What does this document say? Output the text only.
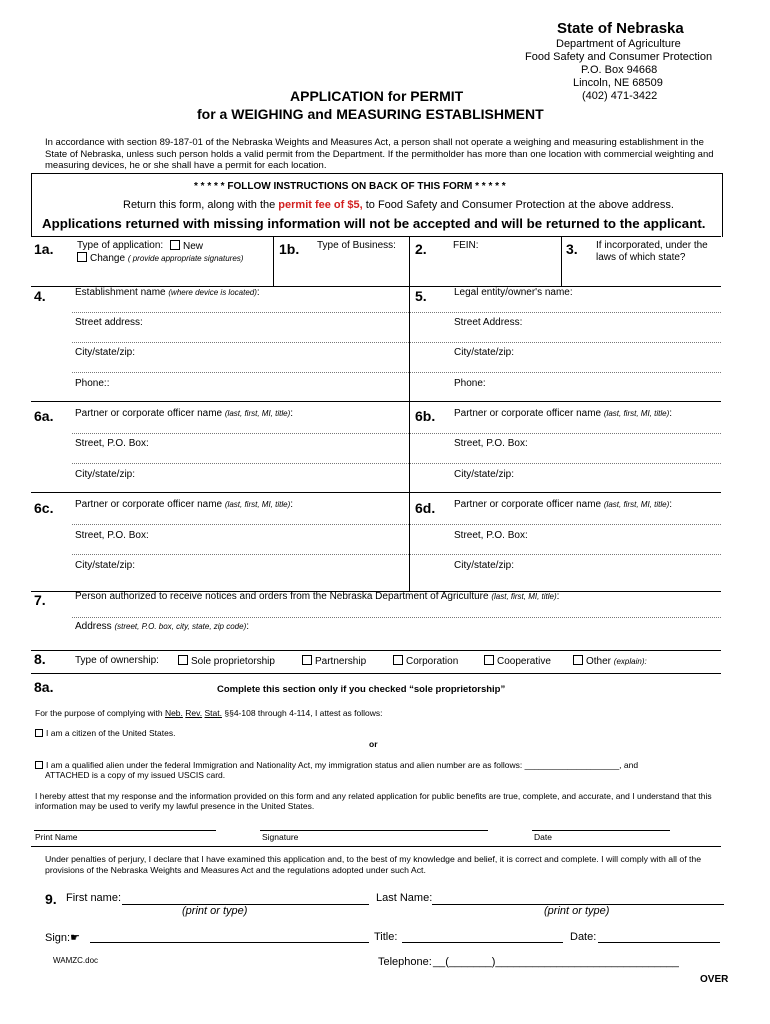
State of Nebraska
Department of Agriculture
Food Safety and Consumer Protection
P.O. Box 94668
Lincoln, NE 68509
(402) 471-3422
APPLICATION for PERMIT
for a WEIGHING and MEASURING ESTABLISHMENT
In accordance with section 89-187-01 of the Nebraska Weights and Measures Act, a person shall not operate a weighing and measuring establishment in the State of Nebraska, unless such person holds a valid permit from the Department. If the permitholder has more than one location with commercial weighting and measuring devices, he or she shall have a permit for each location.
* * * * * FOLLOW INSTRUCTIONS ON BACK OF THIS FORM * * * * *
Return this form, along with the permit fee of $5, to Food Safety and Consumer Protection at the above address.
Applications returned with missing information will not be accepted and will be returned to the applicant.
1a. Type of application:	New
Change ( provide appropriate signatures)
1b. Type of Business: 2.	FEIN:	3. If incorporated, under the
laws of which state?
4.	Establishment name (where device is located):	5.	Legal entity/owner's name:
Street address:	Street Address:
City/state/zip:	City/state/zip:
Phone::	Phone:
6a. Partner or corporate officer name (last, first, MI, title):	6b. Partner or corporate officer name (last, first, MI, title):
Street, P.O. Box:	Street, P.O. Box:
City/state/zip:	City/state/zip:
6c. Partner or corporate officer name (last, first, MI, title):	6d. Partner or corporate officer name (last, first, MI, title):
Street, P.O. Box:	Street, P.O. Box:
City/state/zip:	City/state/zip:
7.	Person authorized to receive notices and orders from the Nebraska Department of Agriculture (last, first, MI, title):
Address (street, P.O. box, city, state, zip code):
8.	Type of ownership:	Sole proprietorship	Partnership	Corporation	Cooperative	Other (explain):
8a.	Complete this section only if you checked “sole proprietorship”
For the purpose of complying with Neb. Rev. Stat. §§4-108 through 4-114, I attest as follows:
I am a citizen of the United States.
or
I am a qualified alien under the federal Immigration and Nationality Act, my immigration status and alien number are as follows: ____________________, and
ATTACHED is a copy of my issued USCIS card.
I hereby attest that my response and the information provided on this form and any related application for public benefits are true, complete, and accurate, and I understand that this information may be used to verify my lawful presence in the United States.
Print Name	Signature	Date
Under penalties of perjury, I declare that I have examined this application and, to the best of my knowledge and belief, it is correct and complete. I will comply with all of the provisions of the Nebraska Weights and Measures Act and the regulations adopted under such Act.
9. First name:	Last Name:
(print or type)	(print or type)
Sign:☛	Title:	Date:
WAMZC.doc	Telephone: __(_______)______________________________
OVER
